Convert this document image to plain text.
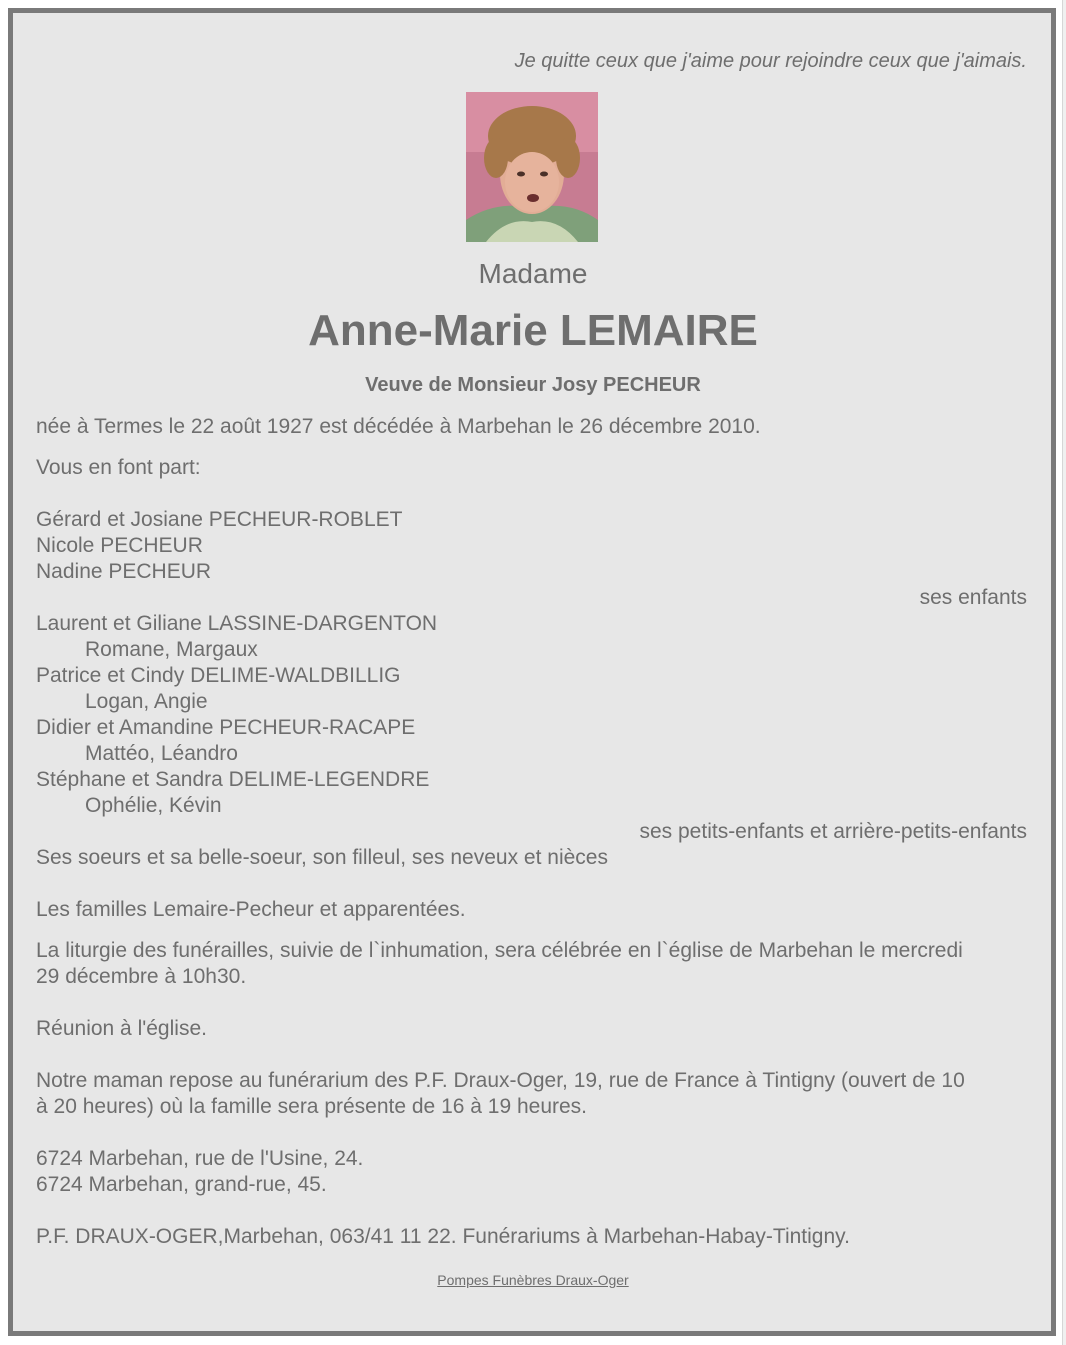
Je quitte ceux que j'aime pour rejoindre ceux que j'aimais.
Madame
Anne-Marie LEMAIRE
Veuve de Monsieur Josy PECHEUR
née à Termes le 22 août 1927 est décédée à Marbehan le 26 décembre 2010.
Vous en font part:
Gérard et Josiane PECHEUR-ROBLET
Nicole PECHEUR
Nadine PECHEUR
ses enfants
Laurent et Giliane LASSINE-DARGENTON
Romane, Margaux
Patrice et Cindy DELIME-WALDBILLIG
Logan, Angie
Didier et Amandine PECHEUR-RACAPE
Mattéo, Léandro
Stéphane et Sandra DELIME-LEGENDRE
Ophélie, Kévin
ses petits-enfants et arrière-petits-enfants
Ses soeurs et sa belle-soeur, son filleul, ses neveux et nièces
Les familles Lemaire-Pecheur et apparentées.
La liturgie des funérailles, suivie de l`inhumation, sera célébrée en l`église de Marbehan le mercredi
29 décembre à 10h30.
Réunion à l'église.
Notre maman repose au funérarium des P.F. Draux-Oger, 19, rue de France à Tintigny (ouvert de 10
à 20 heures) où la famille sera présente de 16 à 19 heures.
6724 Marbehan, rue de l'Usine, 24.
6724 Marbehan, grand-rue, 45.
P.F. DRAUX-OGER,Marbehan, 063/41 11 22. Funérariums à Marbehan-Habay-Tintigny.
Pompes Funèbres Draux-Oger
